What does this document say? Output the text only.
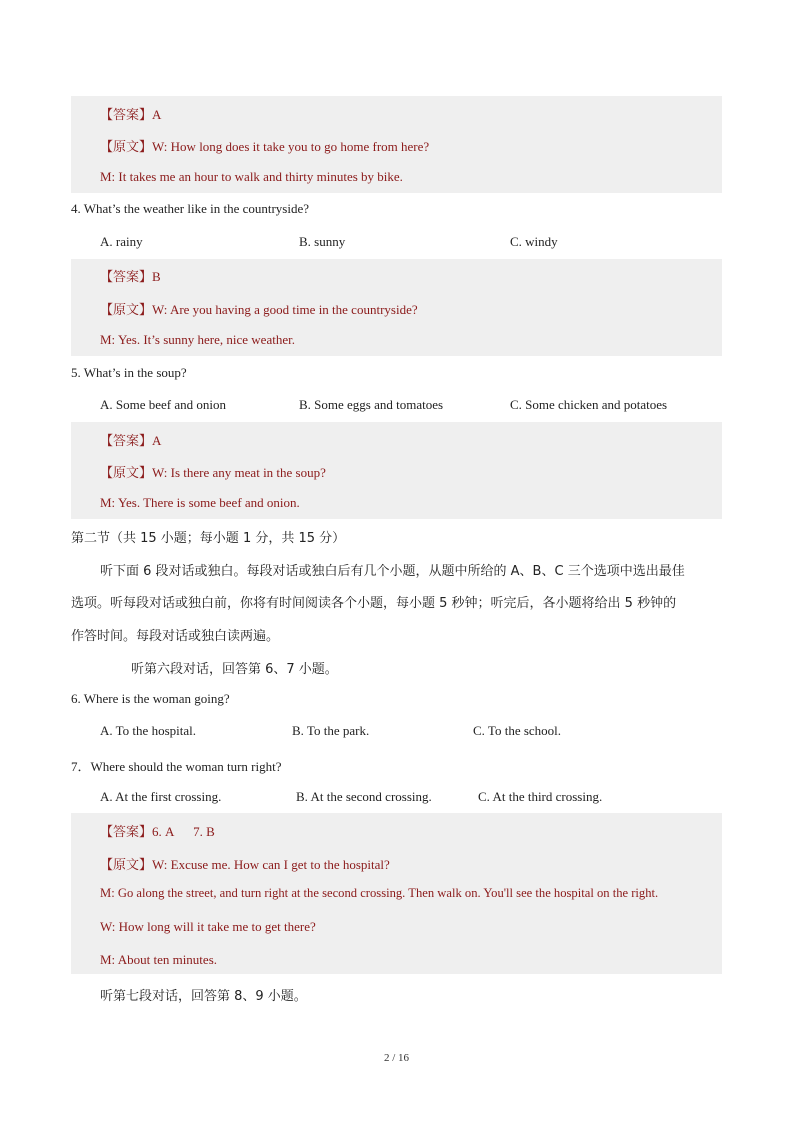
【答案】A
【原文】W: How long does it take you to go home from here?
M: It takes me an hour to walk and thirty minutes by bike.
4. What’s the weather like in the countryside?
A. rainy	B. sunny	C. windy
【答案】B
【原文】W: Are you having a good time in the countryside?
M: Yes. It’s sunny here, nice weather.
5. What’s in the soup?
A. Some beef and onion	B. Some eggs and tomatoes	C. Some chicken and potatoes
【答案】A
【原文】W: Is there any meat in the soup?
M: Yes. There is some beef and onion.
第二节（共 15 小题；每小题 1 分，共 15 分）
听下面 6 段对话或独白。每段对话或独白后有几个小题，从题中所给的 A、B、C 三个选项中选出最佳
选项。听每段对话或独白前，你将有时间阅读各个小题，每小题 5 秒钟；听完后，各小题将给出 5 秒钟的
作答时间。每段对话或独白读两遍。
听第六段对话，回答第 6、7 小题。
6. Where is the woman going?
A. To the hospital.	B. To the park.	C. To the school.
7．Where should the woman turn right?
A. At the first crossing.	B. At the second crossing.	C. At the third crossing.
【答案】6. A      7. B
【原文】W: Excuse me. How can I get to the hospital?
M: Go along the street, and turn right at the second crossing. Then walk on. You'll see the hospital on the right.
W: How long will it take me to get there?
M: About ten minutes.
听第七段对话，回答第 8、9 小题。
2 / 16
